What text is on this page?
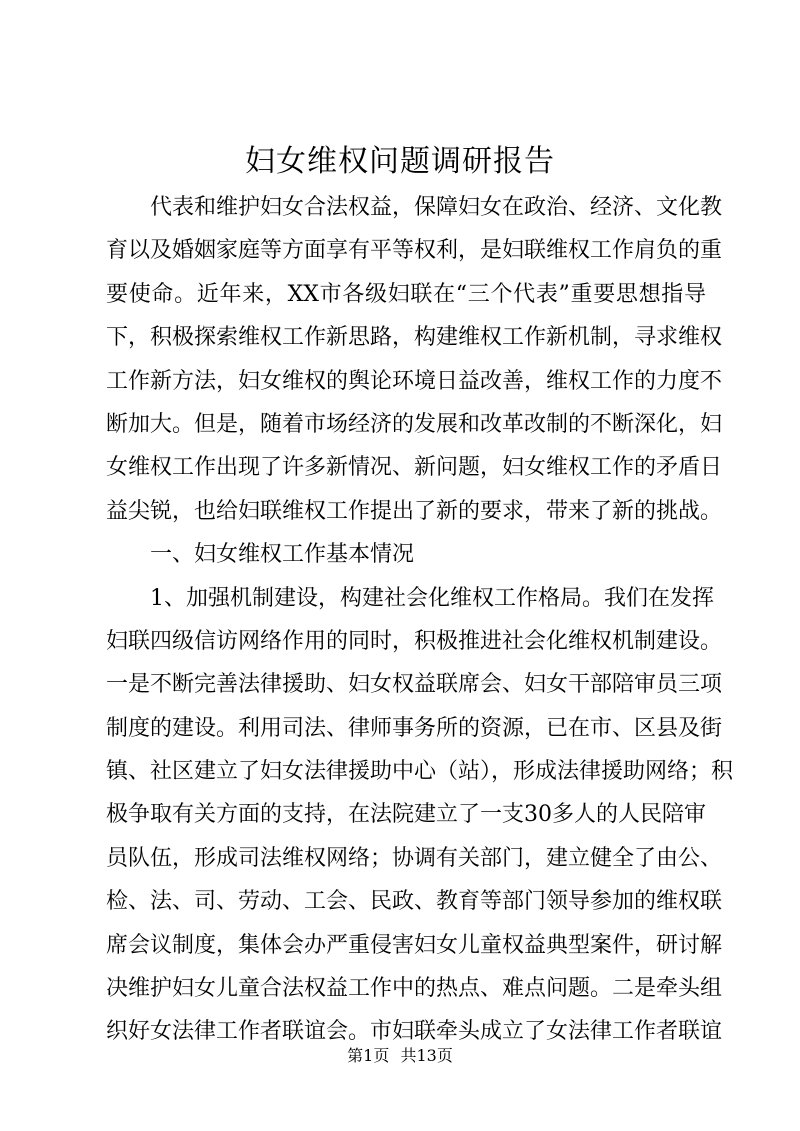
妇女维权问题调研报告
代表和维护妇女合法权益，保障妇女在政治、经济、文化教
育以及婚姻家庭等方面享有平等权利，是妇联维权工作肩负的重
要使命。近年来，XX市各级妇联在“三个代表”重要思想指导
下，积极探索维权工作新思路，构建维权工作新机制，寻求维权
工作新方法，妇女维权的舆论环境日益改善，维权工作的力度不
断加大。但是，随着市场经济的发展和改革改制的不断深化，妇
女维权工作出现了许多新情况、新问题，妇女维权工作的矛盾日
益尖锐，也给妇联维权工作提出了新的要求，带来了新的挑战。
一、妇女维权工作基本情况
1、加强机制建设，构建社会化维权工作格局。我们在发挥
妇联四级信访网络作用的同时，积极推进社会化维权机制建设。
一是不断完善法律援助、妇女权益联席会、妇女干部陪审员三项
制度的建设。利用司法、律师事务所的资源，已在市、区县及街
镇、社区建立了妇女法律援助中心（站），形成法律援助网络；积
极争取有关方面的支持，在法院建立了一支30多人的人民陪审
员队伍，形成司法维权网络；协调有关部门，建立健全了由公、
检、法、司、劳动、工会、民政、教育等部门领导参加的维权联
席会议制度，集体会办严重侵害妇女儿童权益典型案件，研讨解
决维护妇女儿童合法权益工作中的热点、难点问题。二是牵头组
织好女法律工作者联谊会。市妇联牵头成立了女法律工作者联谊
第1页 共13页
